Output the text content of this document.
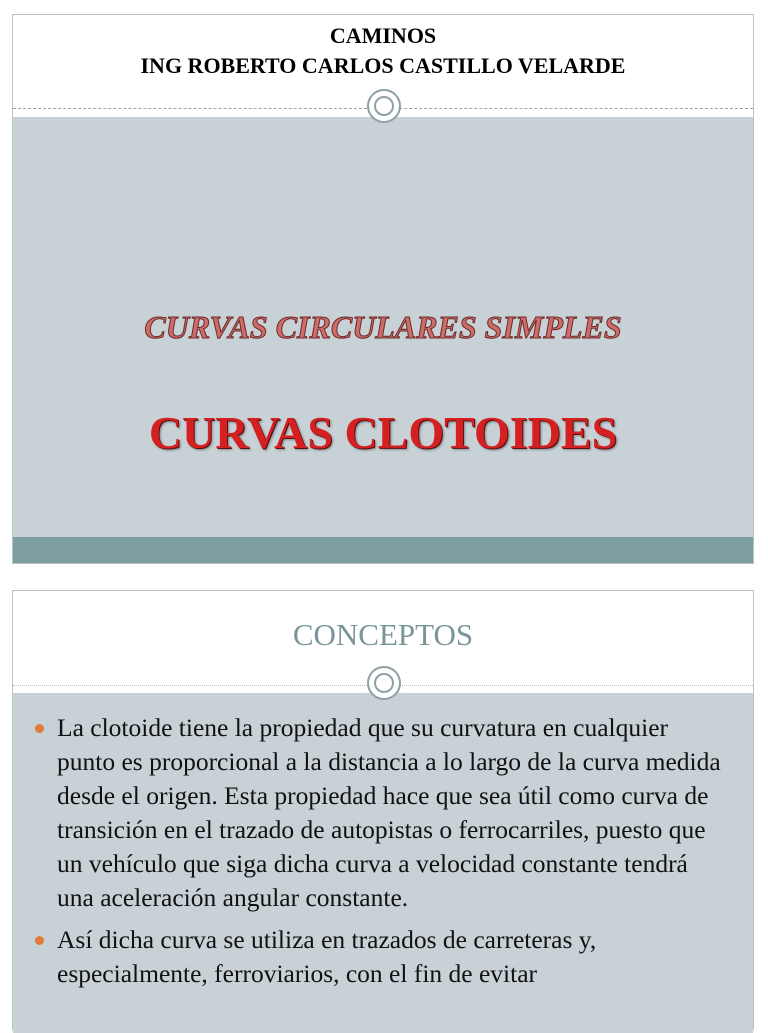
CAMINOS
ING ROBERTO CARLOS CASTILLO VELARDE
CURVAS CIRCULARES SIMPLES
CURVAS CLOTOIDES
CONCEPTOS
La clotoide tiene la propiedad que su curvatura en cualquier punto es proporcional a la distancia a lo largo de la curva medida desde el origen. Esta propiedad hace que sea útil como curva de transición en el trazado de autopistas o ferrocarriles, puesto que un vehículo que siga dicha curva a velocidad constante tendrá una aceleración angular constante.
Así dicha curva se utiliza en trazados de carreteras y, especialmente, ferroviarios, con el fin de evitar
